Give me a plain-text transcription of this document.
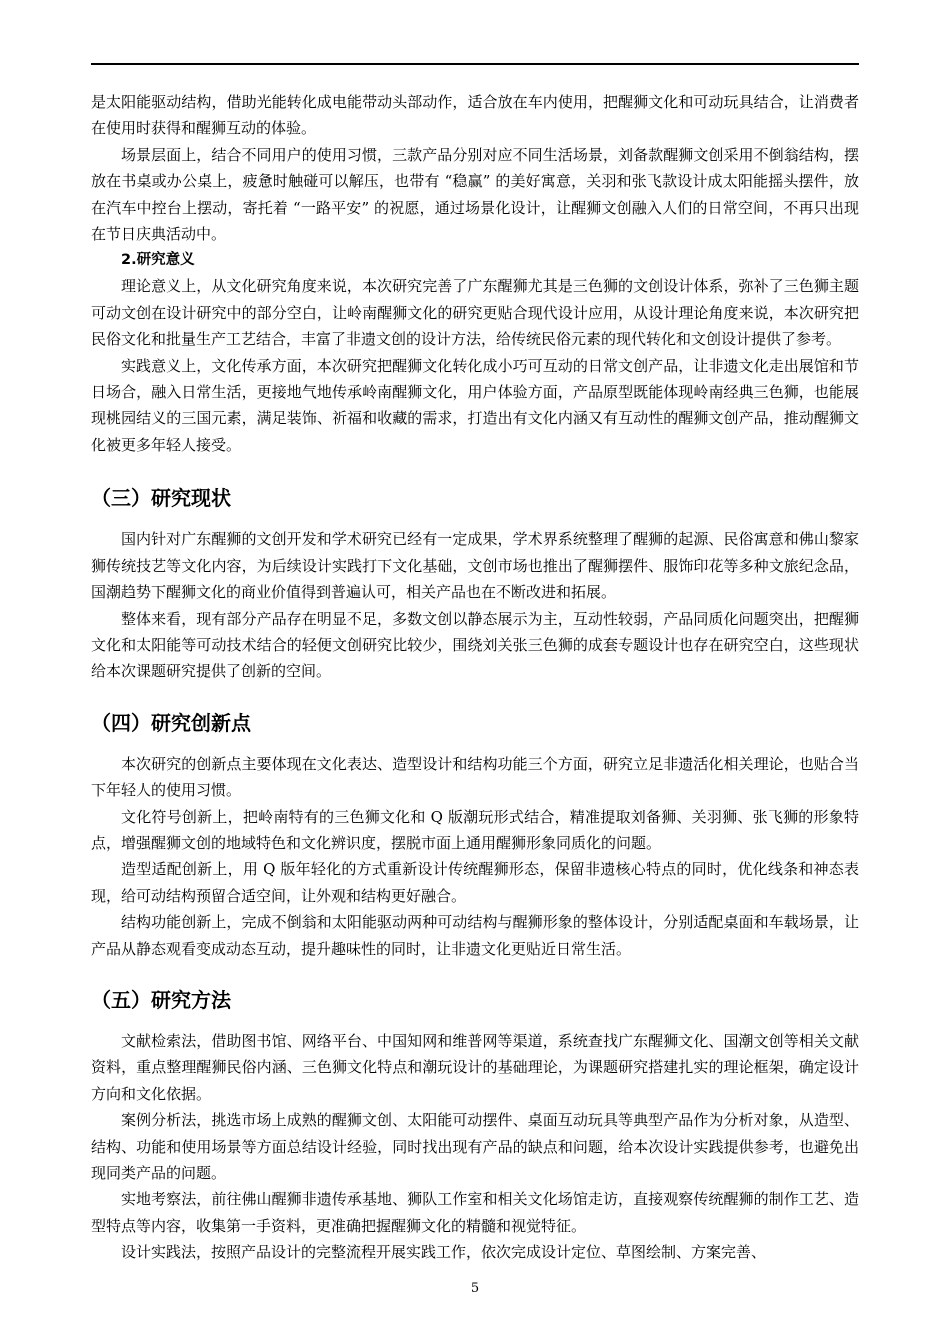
是太阳能驱动结构，借助光能转化成电能带动头部动作，适合放在车内使用，把醒狮文化和可动玩具结合，让消费者在使用时获得和醒狮互动的体验。

场景层面上，结合不同用户的使用习惯，三款产品分别对应不同生活场景，刘备款醒狮文创采用不倒翁结构，摆放在书桌或办公桌上，疲惫时触碰可以解压，也带有 “稳赢” 的美好寓意，关羽和张飞款设计成太阳能摇头摆件，放在汽车中控台上摆动，寄托着 “一路平安” 的祝愿，通过场景化设计，让醒狮文创融入人们的日常空间，不再只出现在节日庆典活动中。

2.研究意义

理论意义上，从文化研究角度来说，本次研究完善了广东醒狮尤其是三色狮的文创设计体系，弥补了三色狮主题可动文创在设计研究中的部分空白，让岭南醒狮文化的研究更贴合现代设计应用，从设计理论角度来说，本次研究把民俗文化和批量生产工艺结合，丰富了非遗文创的设计方法，给传统民俗元素的现代转化和文创设计提供了参考。

实践意义上，文化传承方面，本次研究把醒狮文化转化成小巧可互动的日常文创产品，让非遗文化走出展馆和节日场合，融入日常生活，更接地气地传承岭南醒狮文化，用户体验方面，产品原型既能体现岭南经典三色狮，也能展现桃园结义的三国元素，满足装饰、祈福和收藏的需求，打造出有文化内涵又有互动性的醒狮文创产品，推动醒狮文化被更多年轻人接受。

（三）研究现状

国内针对广东醒狮的文创开发和学术研究已经有一定成果，学术界系统整理了醒狮的起源、民俗寓意和佛山黎家狮传统技艺等文化内容，为后续设计实践打下文化基础，文创市场也推出了醒狮摆件、服饰印花等多种文旅纪念品，国潮趋势下醒狮文化的商业价值得到普遍认可，相关产品也在不断改进和拓展。

整体来看，现有部分产品存在明显不足，多数文创以静态展示为主，互动性较弱，产品同质化问题突出，把醒狮文化和太阳能等可动技术结合的轻便文创研究比较少，围绕刘关张三色狮的成套专题设计也存在研究空白，这些现状给本次课题研究提供了创新的空间。

（四）研究创新点

本次研究的创新点主要体现在文化表达、造型设计和结构功能三个方面，研究立足非遗活化相关理论，也贴合当下年轻人的使用习惯。

文化符号创新上，把岭南特有的三色狮文化和 Q 版潮玩形式结合，精准提取刘备狮、关羽狮、张飞狮的形象特点，增强醒狮文创的地域特色和文化辨识度，摆脱市面上通用醒狮形象同质化的问题。

造型适配创新上，用 Q 版年轻化的方式重新设计传统醒狮形态，保留非遗核心特点的同时，优化线条和神态表现，给可动结构预留合适空间，让外观和结构更好融合。

结构功能创新上，完成不倒翁和太阳能驱动两种可动结构与醒狮形象的整体设计，分别适配桌面和车载场景，让产品从静态观看变成动态互动，提升趣味性的同时，让非遗文化更贴近日常生活。

（五）研究方法

文献检索法，借助图书馆、网络平台、中国知网和维普网等渠道，系统查找广东醒狮文化、国潮文创等相关文献资料，重点整理醒狮民俗内涵、三色狮文化特点和潮玩设计的基础理论，为课题研究搭建扎实的理论框架，确定设计方向和文化依据。

案例分析法，挑选市场上成熟的醒狮文创、太阳能可动摆件、桌面互动玩具等典型产品作为分析对象，从造型、结构、功能和使用场景等方面总结设计经验，同时找出现有产品的缺点和问题，给本次设计实践提供参考，也避免出现同类产品的问题。

实地考察法，前往佛山醒狮非遗传承基地、狮队工作室和相关文化场馆走访，直接观察传统醒狮的制作工艺、造型特点等内容，收集第一手资料，更准确把握醒狮文化的精髓和视觉特征。

设计实践法，按照产品设计的完整流程开展实践工作，依次完成设计定位、草图绘制、方案完善、

5
